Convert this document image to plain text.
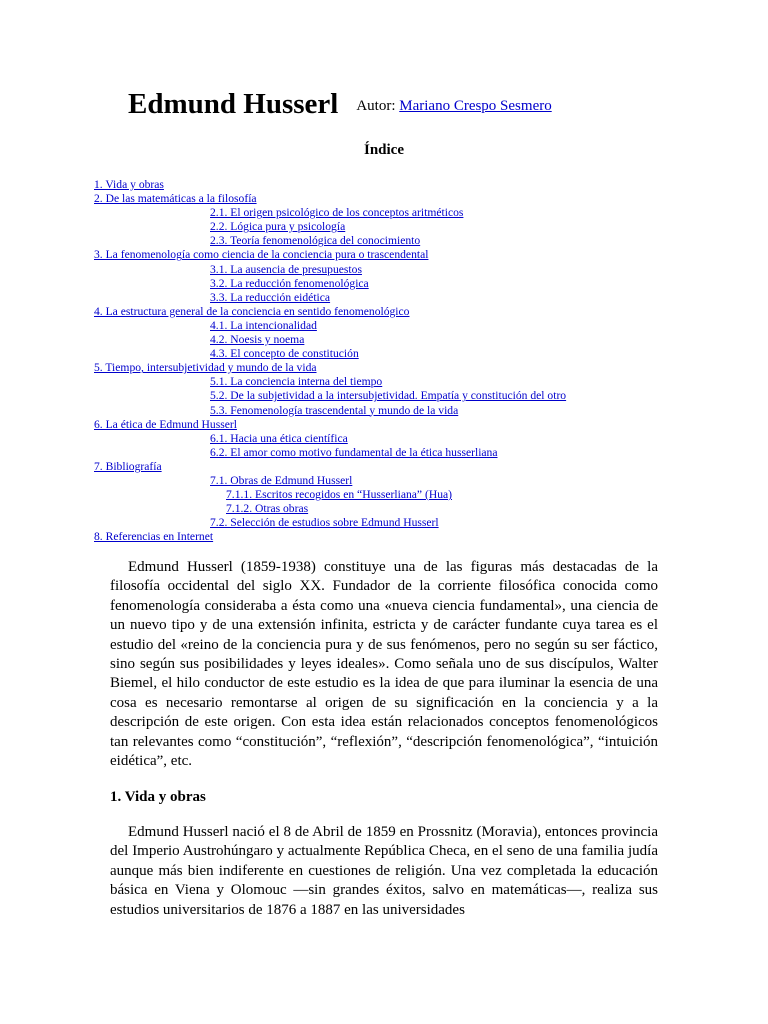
Edmund Husserl Autor: Mariano Crespo Sesmero
Índice
1. Vida y obras
2. De las matemáticas a la filosofía
2.1. El origen psicológico de los conceptos aritméticos
2.2. Lógica pura y psicología
2.3. Teoría fenomenológica del conocimiento
3. La fenomenología como ciencia de la conciencia pura o trascendental
3.1. La ausencia de presupuestos
3.2. La reducción fenomenológica
3.3. La reducción eidética
4. La estructura general de la conciencia en sentido fenomenológico
4.1. La intencionalidad
4.2. Noesis y noema
4.3. El concepto de constitución
5. Tiempo, intersubjetividad y mundo de la vida
5.1. La conciencia interna del tiempo
5.2. De la subjetividad a la intersubjetividad. Empatía y constitución del otro
5.3. Fenomenología trascendental y mundo de la vida
6. La ética de Edmund Husserl
6.1. Hacia una ética científica
6.2. El amor como motivo fundamental de la ética husserliana
7. Bibliografía
7.1. Obras de Edmund Husserl
7.1.1. Escritos recogidos en “Husserliana” (Hua)
7.1.2. Otras obras
7.2. Selección de estudios sobre Edmund Husserl
8. Referencias en Internet

Edmund Husserl (1859-1938) constituye una de las figuras más destacadas de la filosofía occidental del siglo XX. Fundador de la corriente filosófica conocida como fenomenología consideraba a ésta como una «nueva ciencia fundamental», una ciencia de un nuevo tipo y de una extensión infinita, estricta y de carácter fundante cuya tarea es el estudio del «reino de la conciencia pura y de sus fenómenos, pero no según su ser fáctico, sino según sus posibilidades y leyes ideales». Como señala uno de sus discípulos, Walter Biemel, el hilo conductor de este estudio es la idea de que para iluminar la esencia de una cosa es necesario remontarse al origen de su significación en la conciencia y a la descripción de este origen. Con esta idea están relacionados conceptos fenomenológicos tan relevantes como “constitución”, “reflexión”, “descripción fenomenológica”, “intuición eidética”, etc.

1. Vida y obras

Edmund Husserl nació el 8 de Abril de 1859 en Prossnitz (Moravia), entonces provincia del Imperio Austrohúngaro y actualmente República Checa, en el seno de una familia judía aunque más bien indiferente en cuestiones de religión. Una vez completada la educación básica en Viena y Olomouc —sin grandes éxitos, salvo en matemáticas—, realiza sus estudios universitarios de 1876 a 1887 en las universidades
